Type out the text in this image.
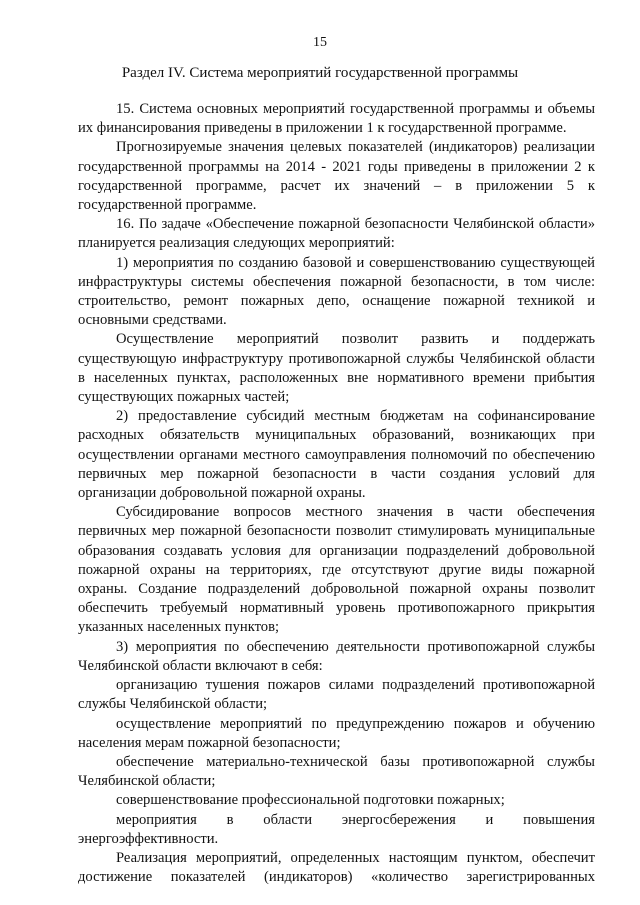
15
Раздел IV. Система мероприятий государственной программы

15. Система основных мероприятий государственной программы и объемы их финансирования приведены в приложении 1 к государственной программе.

Прогнозируемые значения целевых показателей (индикаторов) реализации государственной программы на 2014 - 2021 годы приведены в приложении 2 к государственной программе, расчет их значений – в приложении 5 к государственной программе.

16. По задаче «Обеспечение пожарной безопасности Челябинской области» планируется реализация следующих мероприятий:

1) мероприятия по созданию базовой и совершенствованию существующей инфраструктуры системы обеспечения пожарной безопасности, в том числе: строительство, ремонт пожарных депо, оснащение пожарной техникой и основными средствами.

Осуществление мероприятий позволит развить и поддержать существующую инфраструктуру противопожарной службы Челябинской области в населенных пунктах, расположенных вне нормативного времени прибытия существующих пожарных частей;

2) предоставление субсидий местным бюджетам на софинансирование расходных обязательств муниципальных образований, возникающих при осуществлении органами местного самоуправления полномочий по обеспечению первичных мер пожарной безопасности в части создания условий для организации добровольной пожарной охраны.

Субсидирование вопросов местного значения в части обеспечения первичных мер пожарной безопасности позволит стимулировать муниципальные образования создавать условия для организации подразделений добровольной пожарной охраны на территориях, где отсутствуют другие виды пожарной охраны. Создание подразделений добровольной пожарной охраны позволит обеспечить требуемый нормативный уровень противопожарного прикрытия указанных населенных пунктов;

3) мероприятия по обеспечению деятельности противопожарной службы Челябинской области включают в себя:

организацию тушения пожаров силами подразделений противопожарной службы Челябинской области;

осуществление мероприятий по предупреждению пожаров и обучению населения мерам пожарной безопасности;

обеспечение материально-технической базы противопожарной службы Челябинской области;

совершенствование профессиональной подготовки пожарных;

мероприятия в области энергосбережения и повышения энергоэффективности.

Реализация мероприятий, определенных настоящим пунктом, обеспечит достижение показателей (индикаторов) «количество зарегистрированных
